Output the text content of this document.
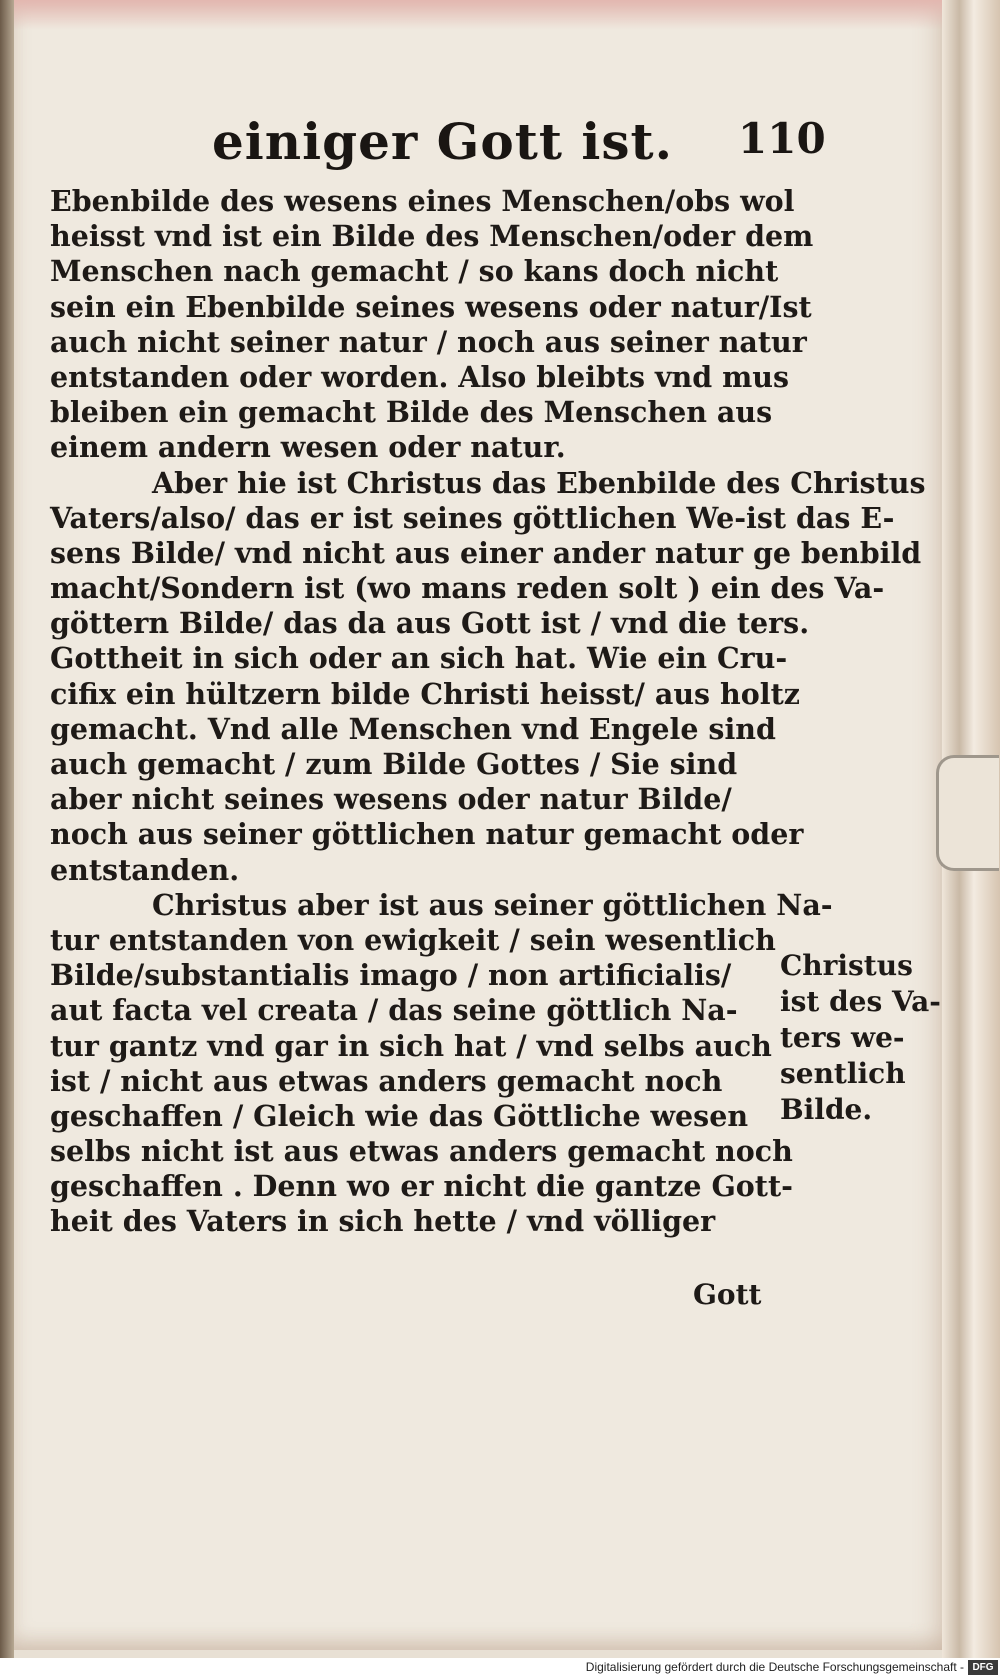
einiger Gott ist. 110
Ebenbilde des wesens eines Menschen/obs wol
heisst vnd ist ein Bilde des Menschen/oder dem
Menschen nach gemacht / so kans doch nicht
sein ein Ebenbilde seines wesens oder natur/Ist
auch nicht seiner natur / noch aus seiner natur
entstanden oder worden. Also bleibts vnd mus
bleiben ein gemacht Bilde des Menschen aus
einem andern wesen oder natur.
Aber hie ist Christus das Ebenbilde des Christus
Vaters/also/ das er ist seines göttlichen We-ist das E-
sens Bilde/ vnd nicht aus einer ander natur ge benbild
macht/Sondern ist (wo mans reden solt ) ein des Va-
göttern Bilde/ das da aus Gott ist / vnd die ters.
Gottheit in sich oder an sich hat. Wie ein Cru-
cifix ein hültzern bilde Christi heisst/ aus holtz
gemacht. Vnd alle Menschen vnd Engele sind
auch gemacht / zum Bilde Gottes / Sie sind
aber nicht seines wesens oder natur Bilde/
noch aus seiner göttlichen natur gemacht oder
entstanden.
Christus aber ist aus seiner göttlichen Na-
tur entstanden von ewigkeit / sein wesentlich
Bilde/substantialis imago / non artificialis/
aut facta vel creata / das seine göttlich Na-
tur gantz vnd gar in sich hat / vnd selbs auch
ist / nicht aus etwas anders gemacht noch
geschaffen / Gleich wie das Göttliche wesen
selbs nicht ist aus etwas anders gemacht noch
geschaffen . Denn wo er nicht die gantze Gott-
heit des Vaters in sich hette / vnd völliger
Christus
ist des Va-
ters we-
sentlich
Bilde.
Gott
Digitalisierung gefördert durch die Deutsche Forschungsgemeinschaft - DFG
